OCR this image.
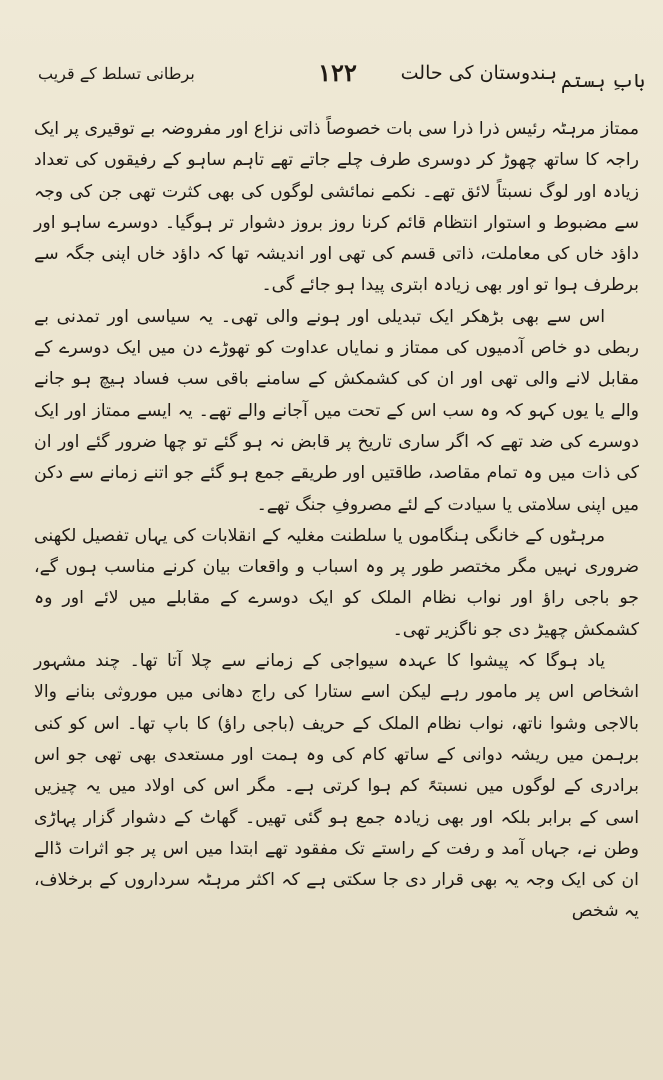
بابِ ہستم
ہندوستان کی حالت
۱۲۲
برطانی تسلط کے قریب

ممتاز مرہٹہ رئیس ذرا ذرا سی بات خصوصاً ذاتی نزاع اور مفروضہ بے توقیری پر ایک راجہ کا ساتھ چھوڑ کر دوسری طرف چلے جاتے تھے تاہم ساہو کے رفیقوں کی تعداد زیادہ اور لوگ نسبتاً لائق تھے۔ نکمے نمائشی لوگوں کی بھی کثرت تھی جن کی وجہ سے مضبوط و استوار انتظام قائم کرنا روز بروز دشوار تر ہوگیا۔ دوسرے ساہو اور داؤد خاں کی معاملت، ذاتی قسم کی تھی اور اندیشہ تھا کہ داؤد خاں اپنی جگہ سے برطرف ہوا تو اور بھی زیادہ ابتری پیدا ہو جائے گی۔

اس سے بھی بڑھکر ایک تبدیلی اور ہونے والی تھی۔ یہ سیاسی اور تمدنی بے ربطی دو خاص آدمیوں کی ممتاز و نمایاں عداوت کو تھوڑے دن میں ایک دوسرے کے مقابل لانے والی تھی اور ان کی کشمکش کے سامنے باقی سب فساد ہیچ ہو جانے والے یا یوں کہو کہ وہ سب اس کے تحت میں آجانے والے تھے۔ یہ ایسے ممتاز اور ایک دوسرے کی ضد تھے کہ اگر ساری تاریخ پر قابض نہ ہو گئے تو چھا ضرور گئے اور ان کی ذات میں وہ تمام مقاصد، طاقتیں اور طریقے جمع ہو گئے جو اتنے زمانے سے دکن میں اپنی سلامتی یا سیادت کے لئے مصروفِ جنگ تھے۔

مرہٹوں کے خانگی ہنگاموں یا سلطنت مغلیہ کے انقلابات کی یہاں تفصیل لکھنی ضروری نہیں مگر مختصر طور پر وہ اسباب و واقعات بیان کرنے مناسب ہوں گے، جو باجی راؤ اور نواب نظام الملک کو ایک دوسرے کے مقابلے میں لائے اور وہ کشمکش چھیڑ دی جو ناگزیر تھی۔

یاد ہوگا کہ پیشوا کا عہدہ سیواجی کے زمانے سے چلا آتا تھا۔ چند مشہور اشخاص اس پر مامور رہے لیکن اسے ستارا کی راج دھانی میں موروثی بنانے والا بالاجی وشوا ناتھ، نواب نظام الملک کے حریف (باجی راؤ) کا باپ تھا۔ اس کو کنی برہمن میں ریشہ دوانی کے ساتھ کام کی وہ ہمت اور مستعدی بھی تھی جو اس برادری کے لوگوں میں نسبتہً کم ہوا کرتی ہے۔ مگر اس کی اولاد میں یہ چیزیں اسی کے برابر بلکہ اور بھی زیادہ جمع ہو گئی تھیں۔ گھاٹ کے دشوار گزار پہاڑی وطن نے، جہاں آمد و رفت کے راستے تک مفقود تھے ابتدا میں اس پر جو اثرات ڈالے ان کی ایک وجہ یہ بھی قرار دی جا سکتی ہے کہ اکثر مرہٹہ سرداروں کے برخلاف، یہ شخص
